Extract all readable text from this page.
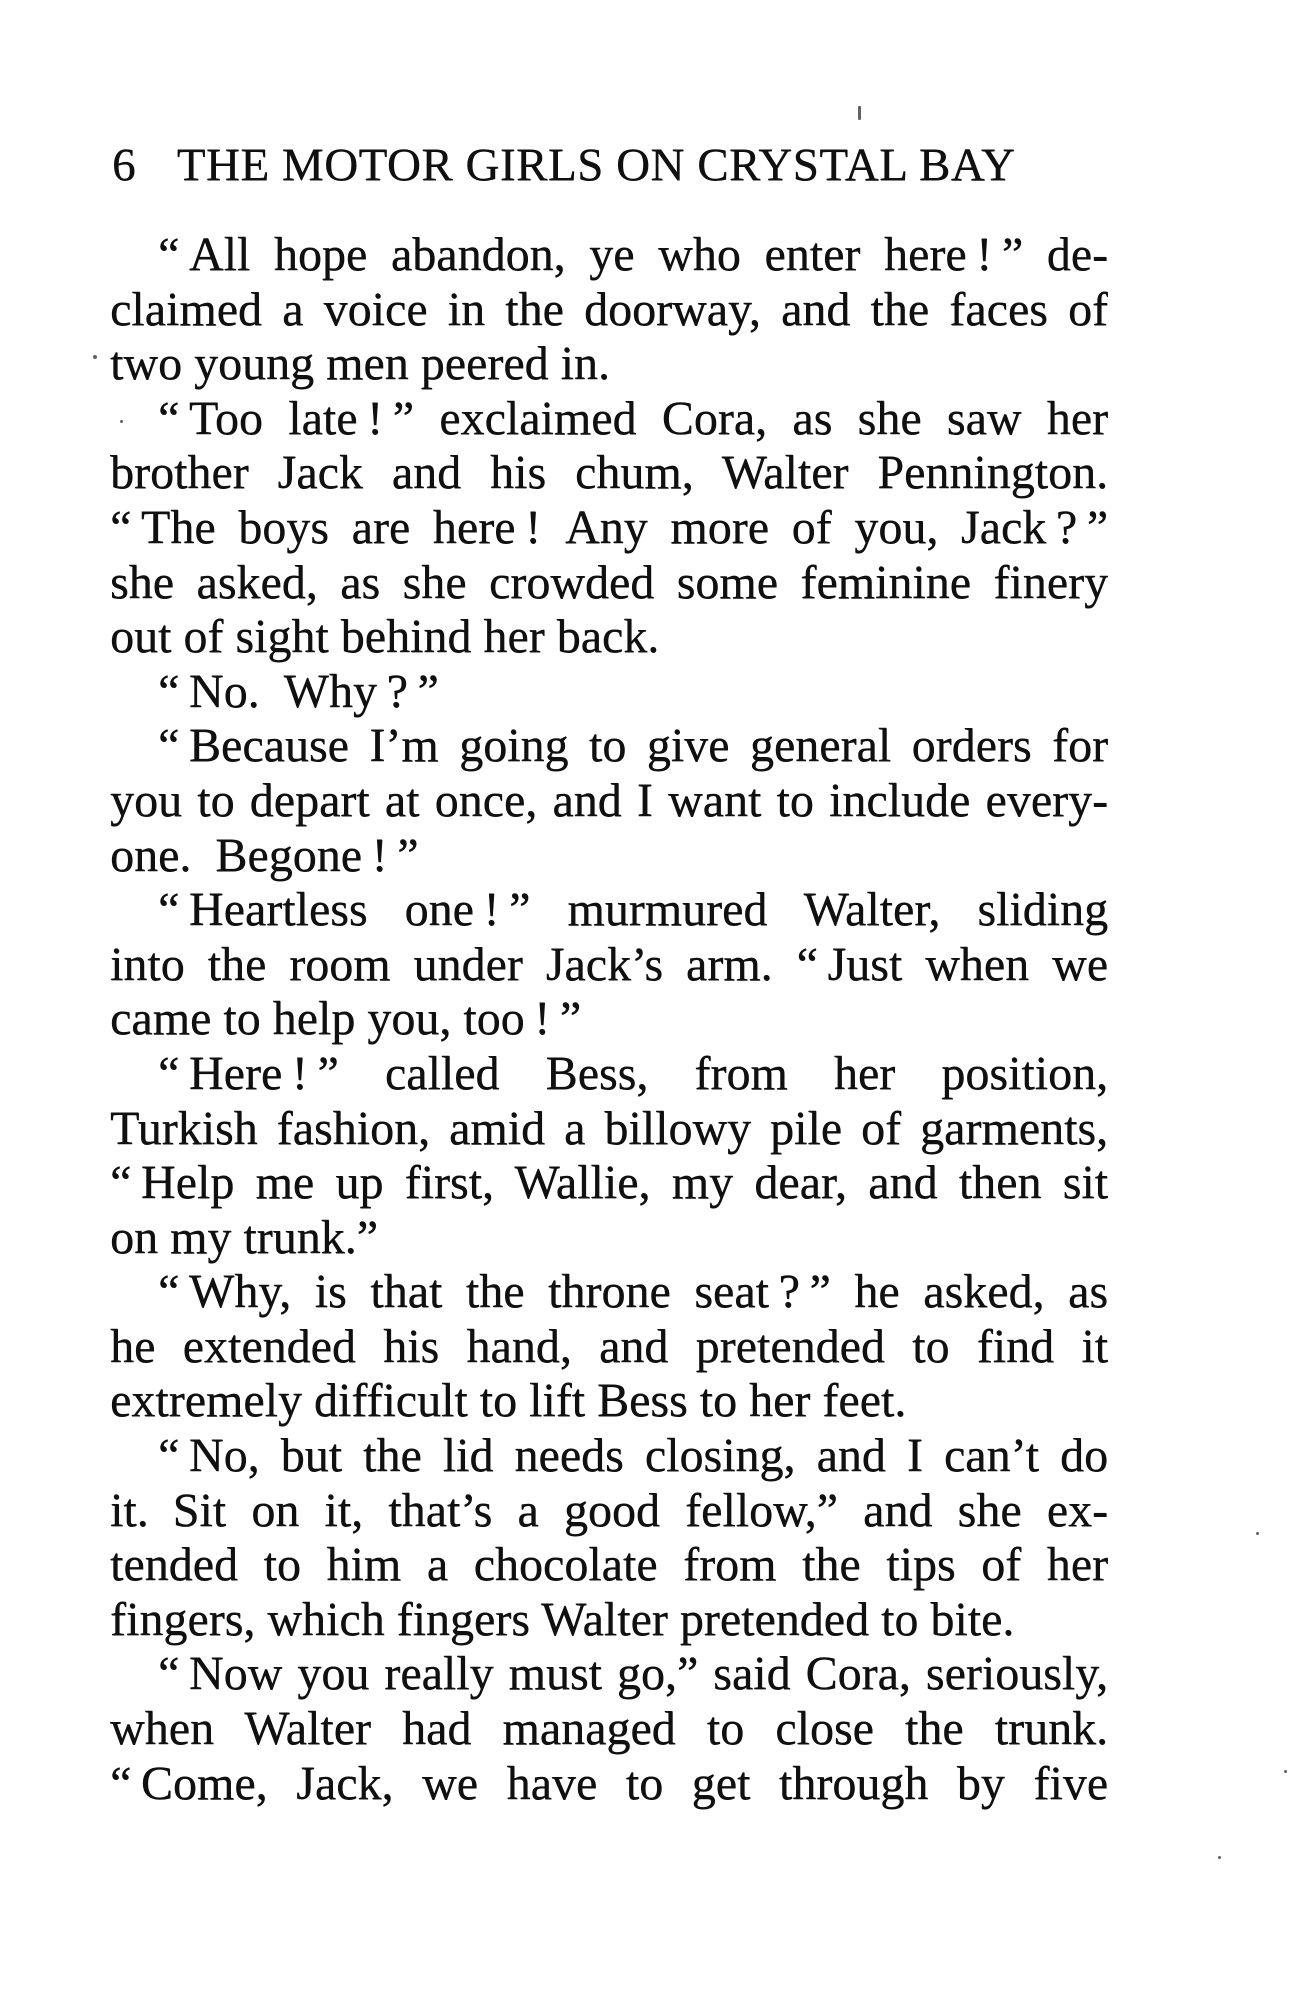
6 THE MOTOR GIRLS ON CRYSTAL BAY
“ All hope abandon, ye who enter here ! ” de-
claimed a voice in the doorway, and the faces of
two young men peered in.
“ Too late ! ” exclaimed Cora, as she saw her
brother Jack and his chum, Walter Pennington.
“ The boys are here ! Any more of you, Jack ? ”
she asked, as she crowded some feminine finery
out of sight behind her back.
“ No. Why ? ”
“ Because I’m going to give general orders for
you to depart at once, and I want to include every-
one. Begone ! ”
“ Heartless one ! ” murmured Walter, sliding
into the room under Jack’s arm. “ Just when we
came to help you, too ! ”
“ Here ! ” called Bess, from her position,
Turkish fashion, amid a billowy pile of garments,
“ Help me up first, Wallie, my dear, and then sit
on my trunk.”
“ Why, is that the throne seat ? ” he asked, as
he extended his hand, and pretended to find it
extremely difficult to lift Bess to her feet.
“ No, but the lid needs closing, and I can’t do
it. Sit on it, that’s a good fellow,” and she ex-
tended to him a chocolate from the tips of her
fingers, which fingers Walter pretended to bite.
“ Now you really must go,” said Cora, seriously,
when Walter had managed to close the trunk.
“ Come, Jack, we have to get through by five
